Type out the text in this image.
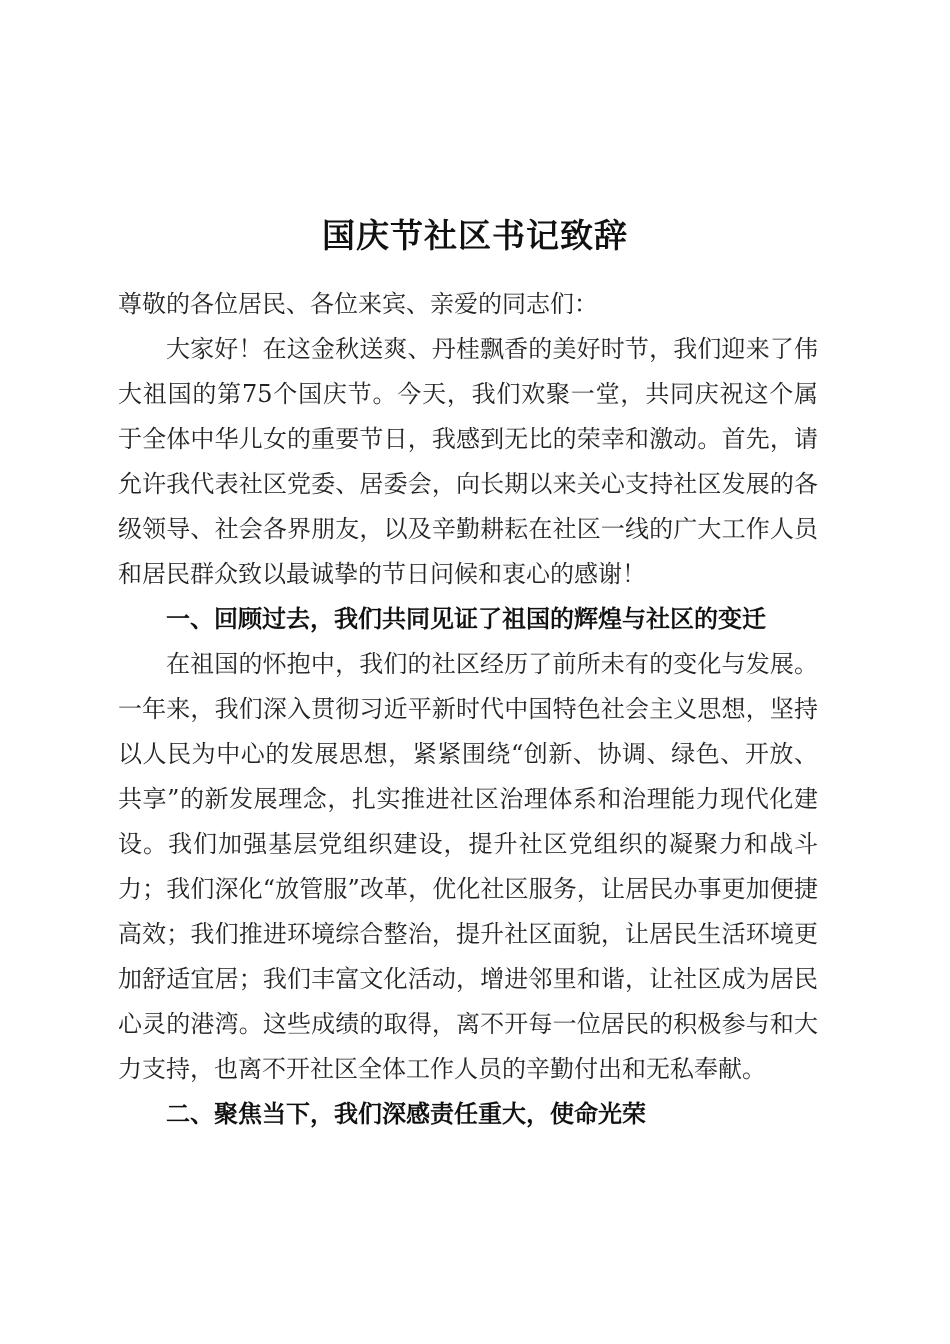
国庆节社区书记致辞

尊敬的各位居民、各位来宾、亲爱的同志们：

大家好！在这金秋送爽、丹桂飘香的美好时节，我们迎来了伟大祖国的第75个国庆节。今天，我们欢聚一堂，共同庆祝这个属于全体中华儿女的重要节日，我感到无比的荣幸和激动。首先，请允许我代表社区党委、居委会，向长期以来关心支持社区发展的各级领导、社会各界朋友，以及辛勤耕耘在社区一线的广大工作人员和居民群众致以最诚挚的节日问候和衷心的感谢！

一、回顾过去，我们共同见证了祖国的辉煌与社区的变迁

在祖国的怀抱中，我们的社区经历了前所未有的变化与发展。一年来，我们深入贯彻习近平新时代中国特色社会主义思想，坚持以人民为中心的发展思想，紧紧围绕“创新、协调、绿色、开放、共享”的新发展理念，扎实推进社区治理体系和治理能力现代化建设。我们加强基层党组织建设，提升社区党组织的凝聚力和战斗力；我们深化“放管服”改革，优化社区服务，让居民办事更加便捷高效；我们推进环境综合整治，提升社区面貌，让居民生活环境更加舒适宜居；我们丰富文化活动，增进邻里和谐，让社区成为居民心灵的港湾。这些成绩的取得，离不开每一位居民的积极参与和大力支持，也离不开社区全体工作人员的辛勤付出和无私奉献。

二、聚焦当下，我们深感责任重大，使命光荣
